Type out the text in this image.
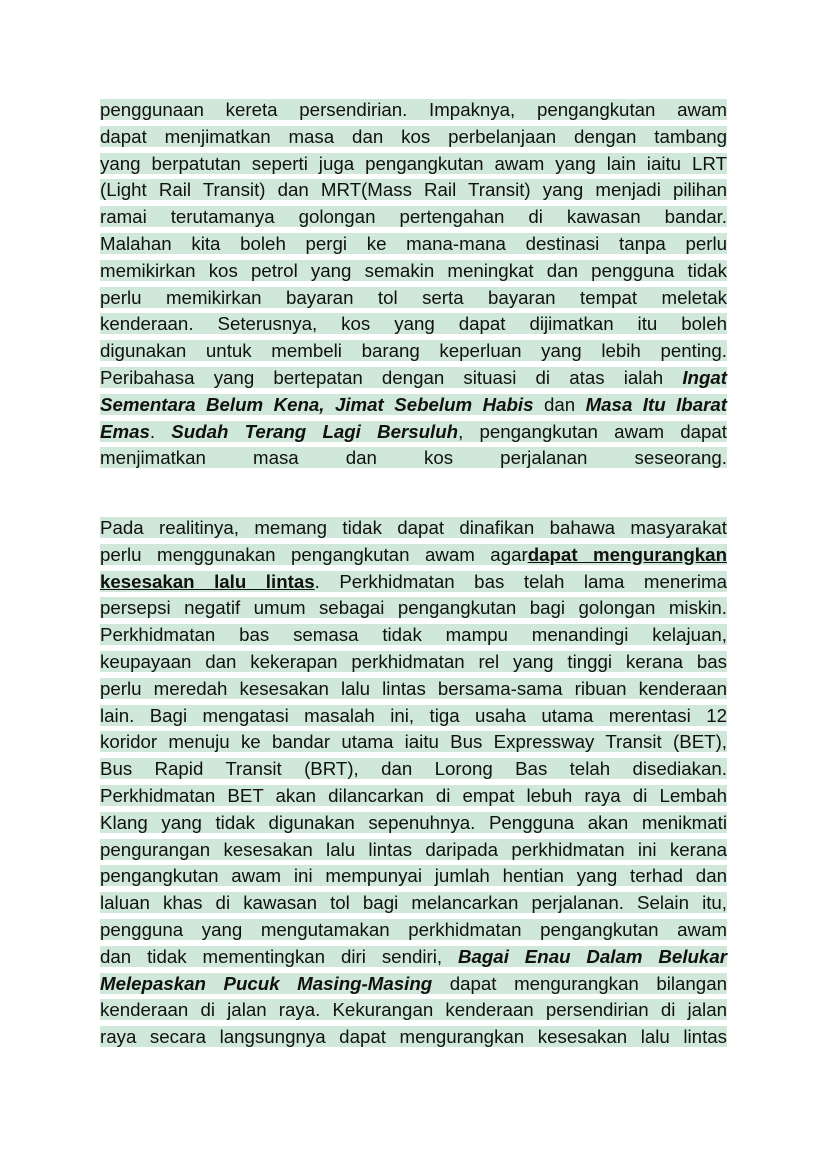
penggunaan kereta persendirian. Impaknya, pengangkutan awam
dapat menjimatkan masa dan kos perbelanjaan dengan tambang
yang berpatutan seperti juga pengangkutan awam yang lain iaitu LRT
(Light Rail Transit) dan MRT(Mass Rail Transit) yang menjadi pilihan
ramai terutamanya golongan pertengahan di kawasan bandar.
Malahan kita boleh pergi ke mana-mana destinasi tanpa perlu
memikirkan kos petrol yang semakin meningkat dan pengguna tidak
perlu memikirkan bayaran tol serta bayaran tempat meletak
kenderaan. Seterusnya, kos yang dapat dijimatkan itu boleh
digunakan untuk membeli barang keperluan yang lebih penting.
Peribahasa yang bertepatan dengan situasi di atas ialah Ingat
Sementara Belum Kena, Jimat Sebelum Habis dan Masa Itu Ibarat
Emas. Sudah Terang Lagi Bersuluh, pengangkutan awam dapat
menjimatkan masa dan kos perjalanan seseorang.
Pada realitinya, memang tidak dapat dinafikan bahawa masyarakat
perlu menggunakan pengangkutan awam agardapat mengurangkan
kesesakan lalu lintas. Perkhidmatan bas telah lama menerima
persepsi negatif umum sebagai pengangkutan bagi golongan miskin.
Perkhidmatan bas semasa tidak mampu menandingi kelajuan,
keupayaan dan kekerapan perkhidmatan rel yang tinggi kerana bas
perlu meredah kesesakan lalu lintas bersama-sama ribuan kenderaan
lain. Bagi mengatasi masalah ini, tiga usaha utama merentasi 12
koridor menuju ke bandar utama iaitu Bus Expressway Transit (BET),
Bus Rapid Transit (BRT), dan Lorong Bas telah disediakan.
Perkhidmatan BET akan dilancarkan di empat lebuh raya di Lembah
Klang yang tidak digunakan sepenuhnya. Pengguna akan menikmati
pengurangan kesesakan lalu lintas daripada perkhidmatan ini kerana
pengangkutan awam ini mempunyai jumlah hentian yang terhad dan
laluan khas di kawasan tol bagi melancarkan perjalanan. Selain itu,
pengguna yang mengutamakan perkhidmatan pengangkutan awam
dan tidak mementingkan diri sendiri, Bagai Enau Dalam Belukar
Melepaskan Pucuk Masing-Masing dapat mengurangkan bilangan
kenderaan di jalan raya. Kekurangan kenderaan persendirian di jalan
raya secara langsungnya dapat mengurangkan kesesakan lalu lintas
